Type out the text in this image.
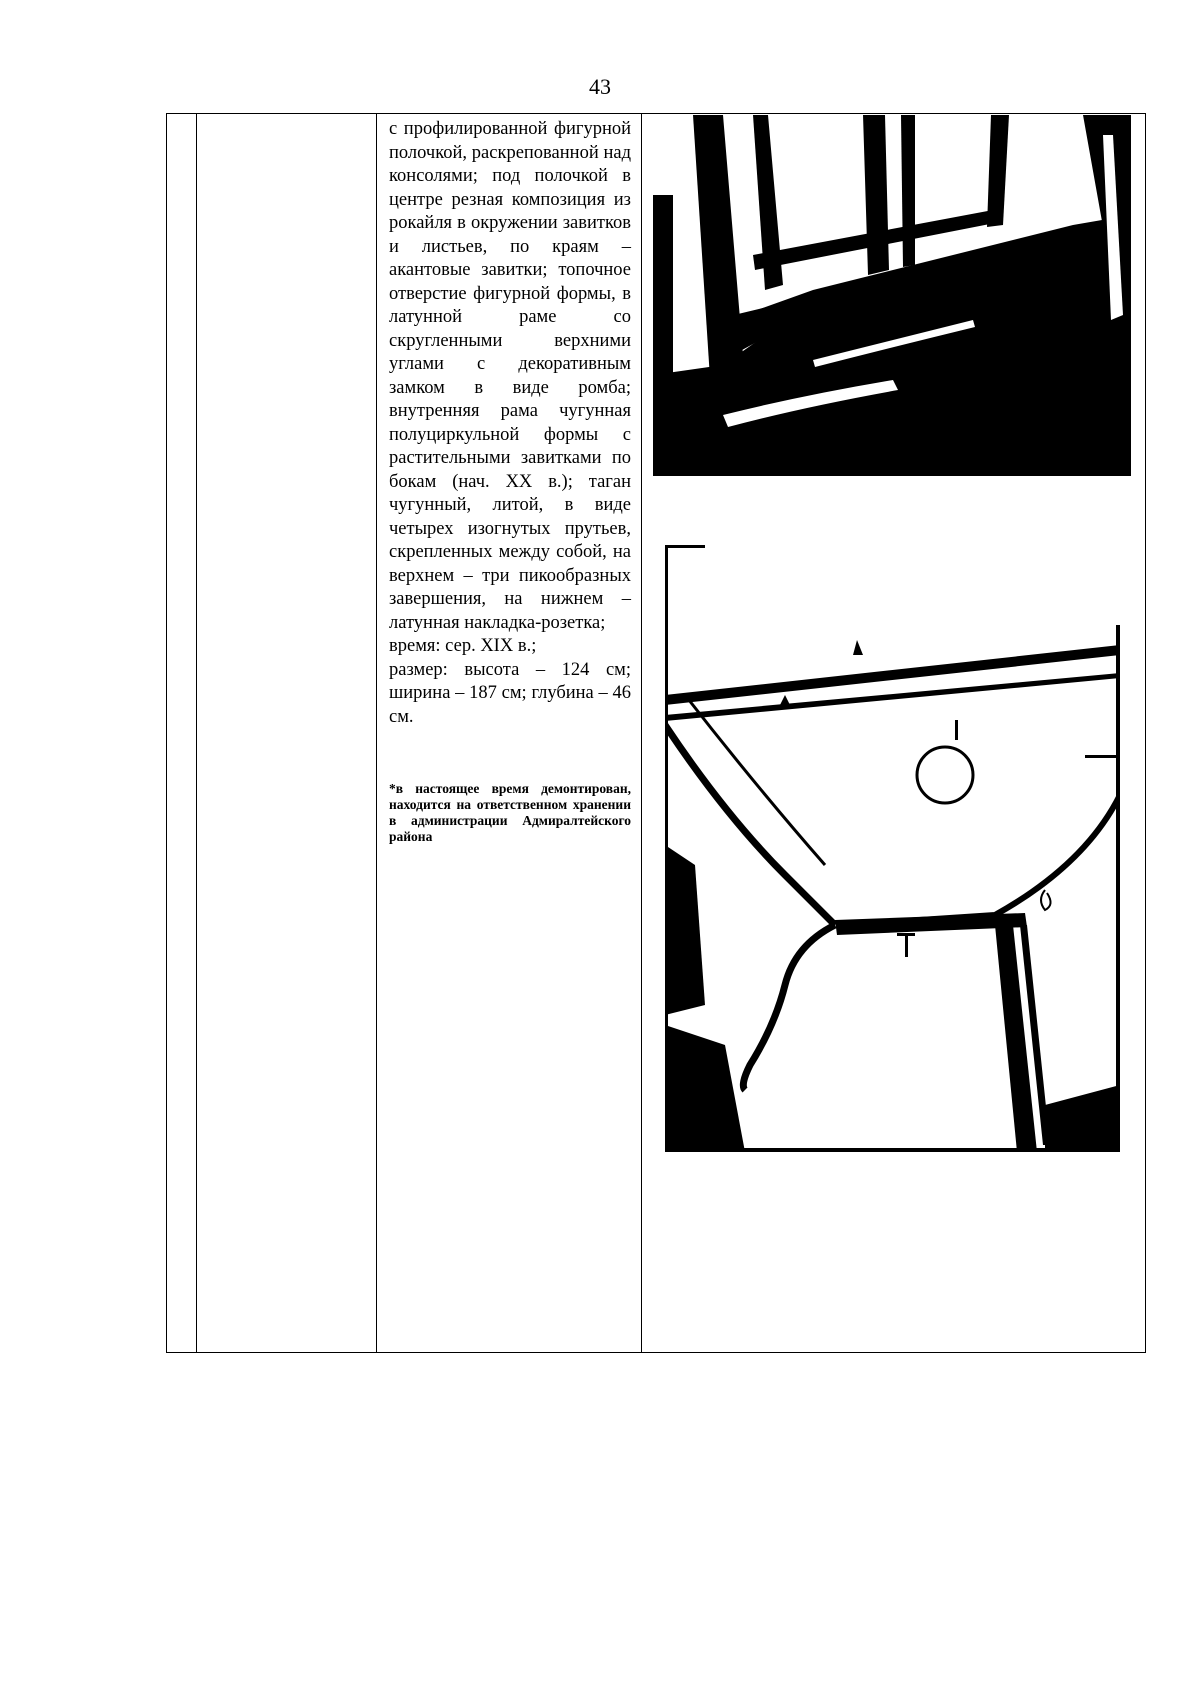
43

с профилированной фигурной полочкой, раскрепованной над консолями; под полочкой в центре резная композиция из рокайля в окружении завитков и листьев, по краям – акантовые завитки; топочное отверстие фигурной формы, в латунной раме со скругленными верхними углами с декоративным замком в виде ромба; внутренняя рама чугунная полуциркульной формы с растительными завитками по бокам (нач. XX в.); таган чугунный, литой, в виде четырех изогнутых прутьев, скрепленных между собой, на верхнем – три пикообразных завершения, на нижнем – латунная накладка-розетка;

время: сер. XIX в.;

размер: высота – 124 см; ширина – 187 см; глубина – 46 см.

*в настоящее время демонтирован, находится на ответственном хранении в администрации Адмиралтейского района
